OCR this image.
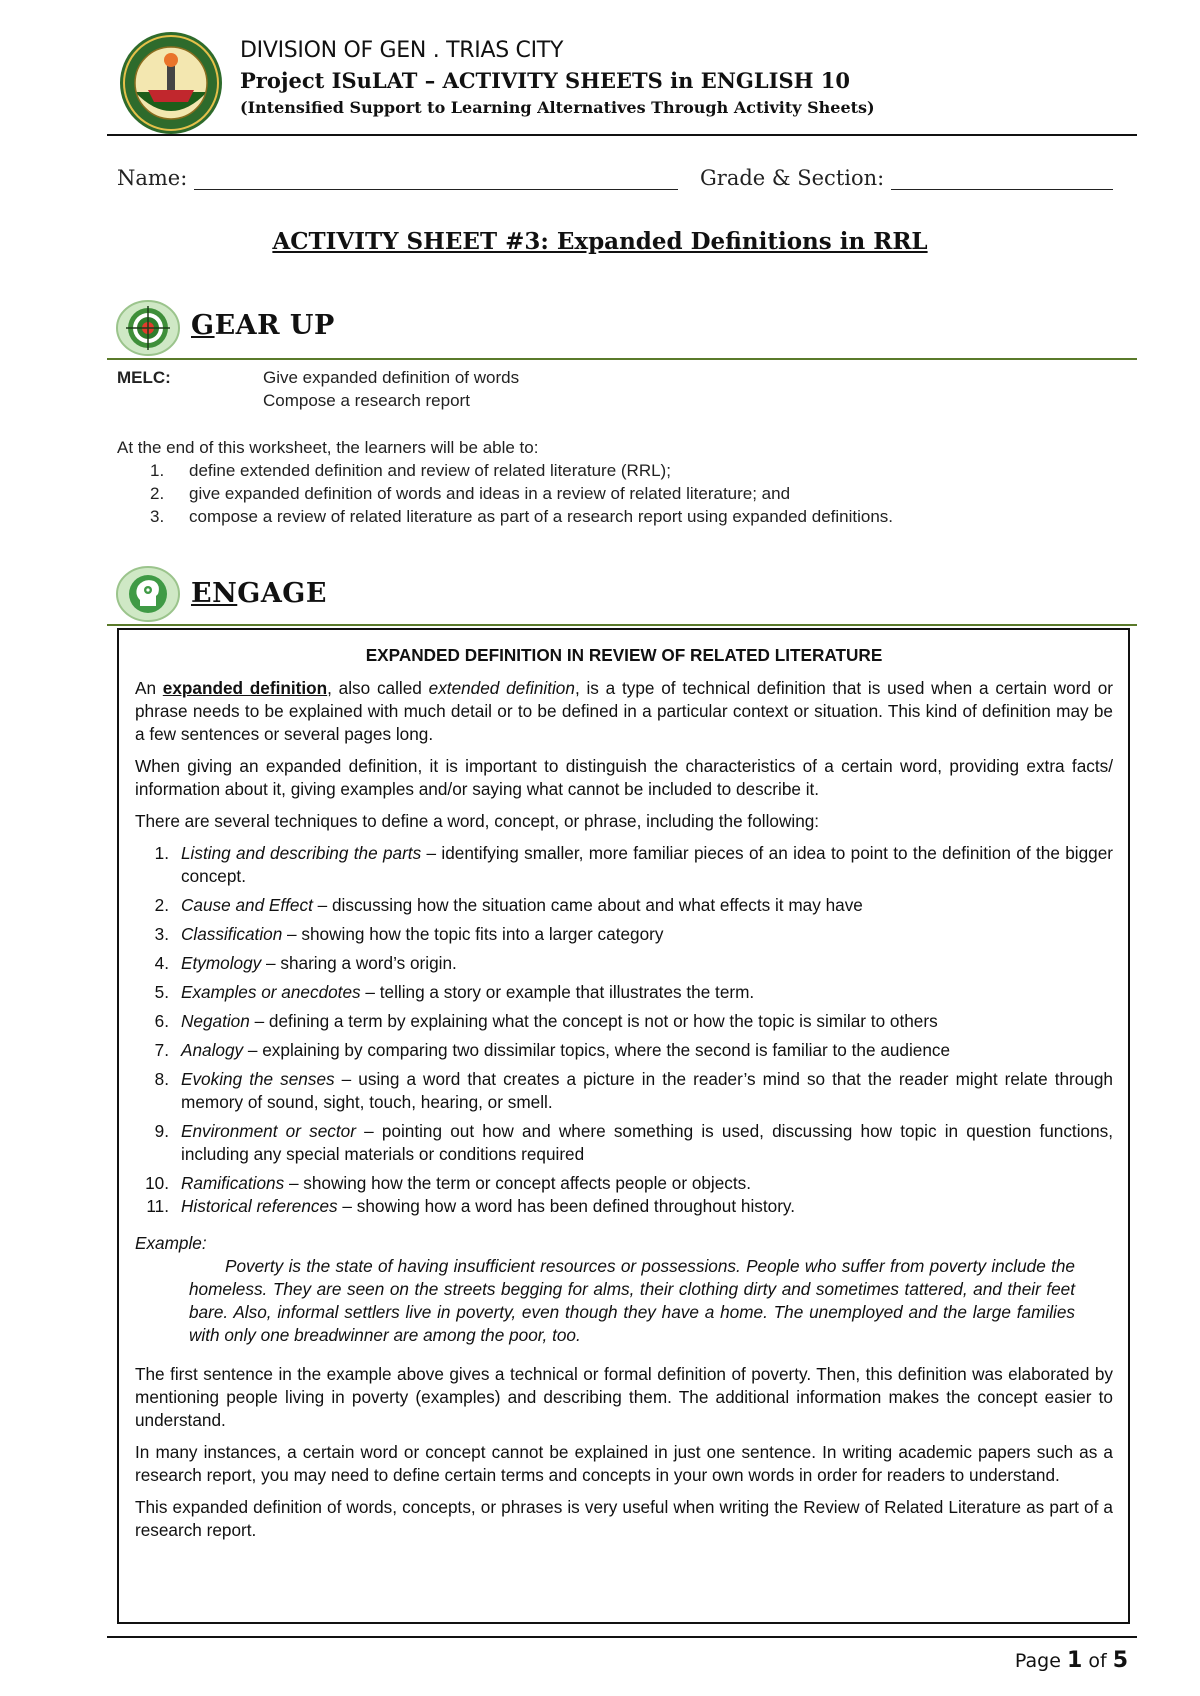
DIVISION OF GEN . TRIAS CITY
Project ISuLAT – ACTIVITY SHEETS in ENGLISH 10
(Intensified Support to Learning Alternatives Through Activity Sheets)
Name:	Grade & Section:
ACTIVITY SHEET #3: Expanded Definitions in RRL
GEAR UP
MELC:	Give expanded definition of words
Compose a research report
At the end of this worksheet, the learners will be able to:
1. define extended definition and review of related literature (RRL);
2. give expanded definition of words and ideas in a review of related literature; and
3. compose a review of related literature as part of a research report using expanded definitions.
ENGAGE
EXPANDED DEFINITION IN REVIEW OF RELATED LITERATURE

An expanded definition, also called extended definition, is a type of technical definition that is used when a certain word or phrase needs to be explained with much detail or to be defined in a particular context or situation. This kind of definition may be a few sentences or several pages long.

When giving an expanded definition, it is important to distinguish the characteristics of a certain word, providing extra facts/ information about it, giving examples and/or saying what cannot be included to describe it.

There are several techniques to define a word, concept, or phrase, including the following:

1. Listing and describing the parts – identifying smaller, more familiar pieces of an idea to point to the definition of the bigger concept.
2. Cause and Effect – discussing how the situation came about and what effects it may have
3. Classification – showing how the topic fits into a larger category
4. Etymology – sharing a word’s origin.
5. Examples or anecdotes – telling a story or example that illustrates the term.
6. Negation – defining a term by explaining what the concept is not or how the topic is similar to others
7. Analogy – explaining by comparing two dissimilar topics, where the second is familiar to the audience
8. Evoking the senses – using a word that creates a picture in the reader’s mind so that the reader might relate through memory of sound, sight, touch, hearing, or smell.
9. Environment or sector – pointing out how and where something is used, discussing how topic in question functions, including any special materials or conditions required
10. Ramifications – showing how the term or concept affects people or objects.
11. Historical references – showing how a word has been defined throughout history.
Example:

Poverty is the state of having insufficient resources or possessions. People who suffer from poverty include the homeless. They are seen on the streets begging for alms, their clothing dirty and sometimes tattered, and their feet bare. Also, informal settlers live in poverty, even though they have a home. The unemployed and the large families with only one breadwinner are among the poor, too.

The first sentence in the example above gives a technical or formal definition of poverty. Then, this definition was elaborated by mentioning people living in poverty (examples) and describing them. The additional information makes the concept easier to understand.

In many instances, a certain word or concept cannot be explained in just one sentence. In writing academic papers such as a research report, you may need to define certain terms and concepts in your own words in order for readers to understand.

This expanded definition of words, concepts, or phrases is very useful when writing the Review of Related Literature as part of a research report.

Page 1 of 5
